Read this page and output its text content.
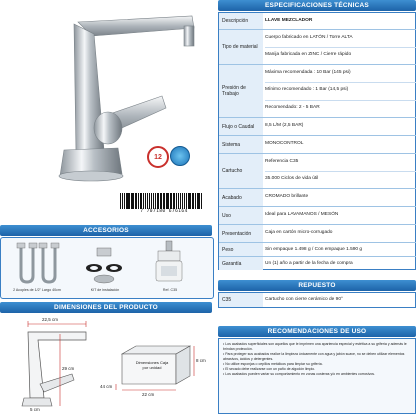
12
7 707180 676164
ACCESORIOS
2 Acoples de 1/2" Largo 40cm	KIT de instalación	Ref. C35
DIMENSIONES DEL PRODUCTO
22,5 cm
29 cm
5 cm
Dimensiones Caja por unidad
8 cm
44 cm
22 cm
ESPECIFICACIONES TÉCNICAS
Descripción	LLAVE MEZCLADOR
Tipo de material
Cuerpo fabricado en LATÓN / Torre ALTA
Manija fabricada en ZINC / Cierre rápido
Presión de Trabajo
Máxima recomendada : 10 Bar (145 psi)
Mínimo recomendado : 1 Bar (14,5 psi)
Recomendado: 2 - 5 BAR
Flujo o Caudal	8,5 L/M (2,5 BAR)
Sistema	MONOCONTROL
Cartucho
Referencia C35
35.000 Ciclos de vida útil
Acabado	CROMADO brillante
Uso	Ideal para LAVAMANOS / MESÓN
Presentación	Caja en cartón micro-corrugado
Peso	Sin empaque 1.498 g / Con empaque 1.590 g
Garantía	Un (1) año a partir de la fecha de compra
REPUESTO
C35	Cartucho con cierre cerámico de 90°
RECOMENDACIONES DE USO
• Los acabados superficiales son aquellos que le imprimen una apariencia especial y estética a su grifería y además le brindan protección.
• Para proteger sus acabados realice la limpieza únicamente con agua y jabón suave, no se deben utilizar elementos abrasivos, ácidos y detergentes.
• No utilice esponjas o cepillos metálicos para limpiar su grifería.
• El secado debe realizarse con un paño de algodón limpio.
• Los acabados pueden variar su comportamiento en zonas costeras y/o en ambientes corrosivos.
